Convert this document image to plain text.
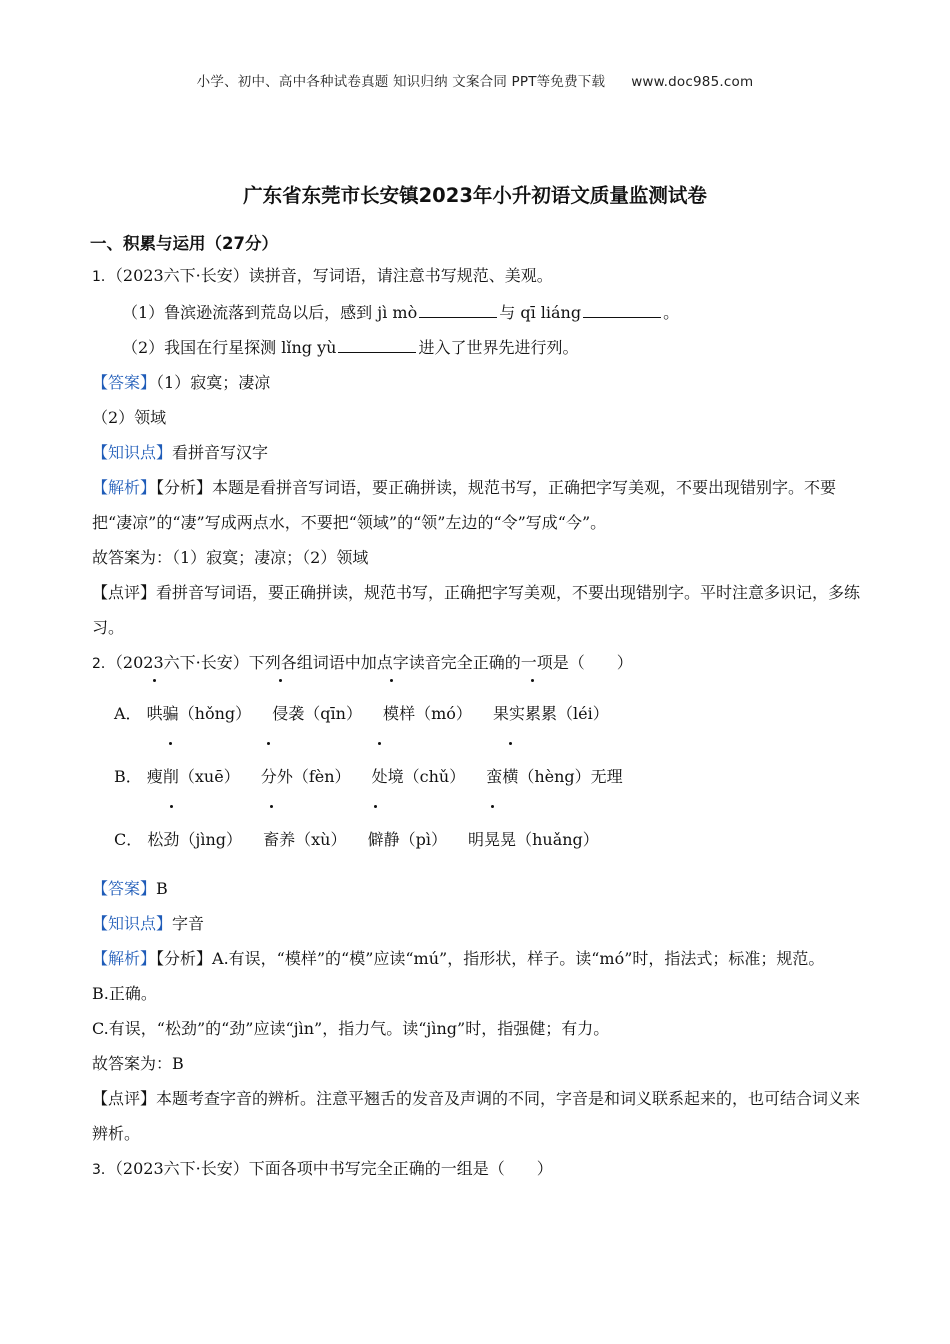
小学、初中、高中各种试卷真题 知识归纳 文案合同 PPT等免费下载 www.doc985.com
广东省东莞市长安镇2023年小升初语文质量监测试卷
一、积累与运用（27分）
1．（2023六下·长安）读拼音，写词语，请注意书写规范、美观。
（1）鲁滨逊流落到荒岛以后，感到 jì mò	与 qī liáng	。
（2）我国在行星探测 lǐng yù	进入了世界先进行列。
【答案】（1）寂寞；凄凉
（2）领域
【知识点】看拼音写汉字
【解析】【分析】本题是看拼音写词语，要正确拼读，规范书写，正确把字写美观，不要出现错别字。不要把“凄凉”的“凄”写成两点水，不要把“领域”的“领”左边的“令”写成“今”。
故答案为：（1）寂寞；凄凉；（2）领域
【点评】看拼音写词语，要正确拼读，规范书写，正确把字写美观，不要出现错别字。平时注意多识记，多练习。
2．（2023六下·长安）下列各组词语中加点字读音完全正确的一项是（　　）
A． 哄骗（hǒng） 侵袭（qīn） 模样（mó） 果实累累（léi）
B． 瘦削（xuē） 分外（fèn） 处境（chǔ） 蛮横（hèng）无理
C． 松劲（jìng） 畜养（xù） 僻静（pì） 明晃晃（huǎng）
【答案】B
【知识点】字音
【解析】【分析】A.有误，“模样”的“模”应读“mú”，指形状，样子。读“mó”时，指法式；标准；规范。
B.正确。
C.有误，“松劲”的“劲”应读“jìn”，指力气。读“jìng”时，指强健；有力。
故答案为：B
【点评】本题考查字音的辨析。注意平翘舌的发音及声调的不同，字音是和词义联系起来的，也可结合词义来辨析。
3．（2023六下·长安）下面各项中书写完全正确的一组是（　　）
